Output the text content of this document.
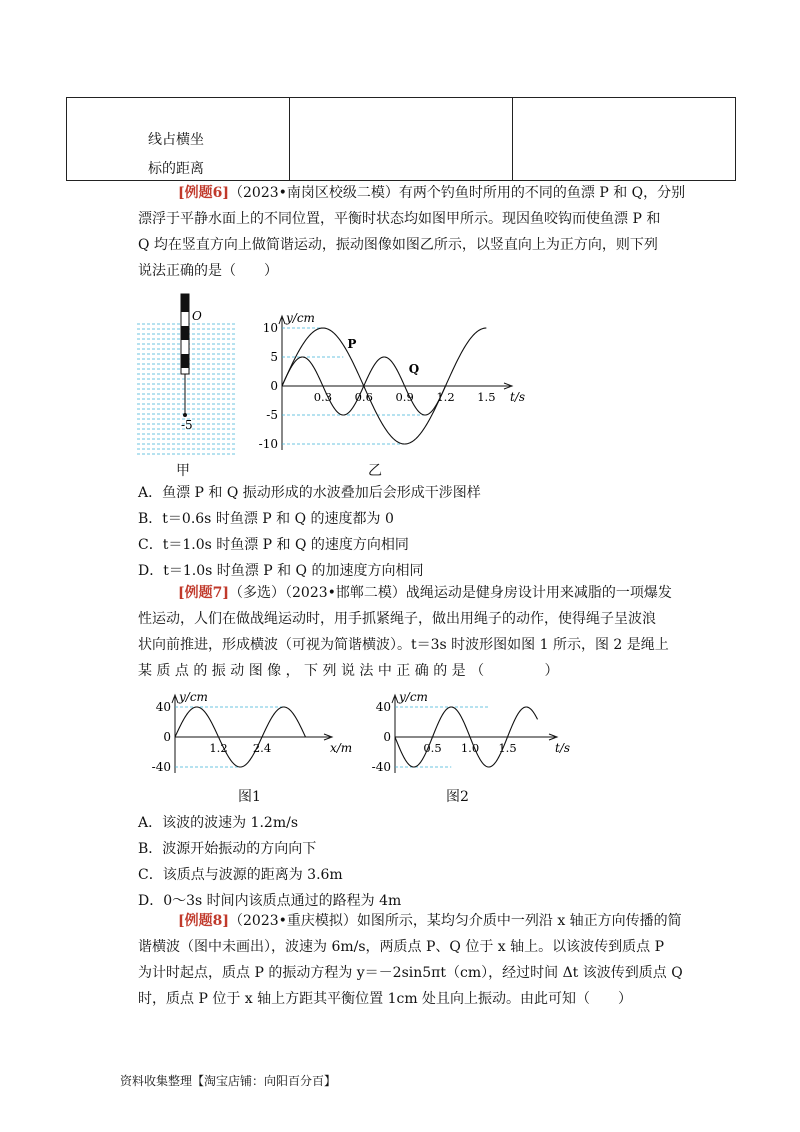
线占横坐
标的距离
[例题6]（2023•南岗区校级二模）有两个钓鱼时所用的不同的鱼漂 P 和 Q，分别
漂浮于平静水面上的不同位置，平衡时状态均如图甲所示。现因鱼咬钩而使鱼漂 P 和
Q 均在竖直方向上做简谐运动，振动图像如图乙所示，以竖直向上为正方向，则下列
说法正确的是（　　）
O
-5
甲
y/cm
t/s
10
5
0
-5
-10
0.3 0.6 0.9 1.2 1.5
P
Q
乙
A．鱼漂 P 和 Q 振动形成的水波叠加后会形成干涉图样
B．t＝0.6s 时鱼漂 P 和 Q 的速度都为 0
C．t＝1.0s 时鱼漂 P 和 Q 的速度方向相同
D．t＝1.0s 时鱼漂 P 和 Q 的加速度方向相同
[例题7]（多选）（2023•邯郸二模）战绳运动是健身房设计用来减脂的一项爆发
性运动，人们在做战绳运动时，用手抓紧绳子，做出用绳子的动作，使得绳子呈波浪
状向前推进，形成横波（可视为简谐横波）。t＝3s 时波形图如图 1 所示，图 2 是绳上
某 质 点 的 振 动 图 像 ， 下 列 说 法 中 正 确 的 是 （　　　　 ）
y/cm
x/m
40
0
-40
1.2 2.4
y/cm
t/s
40
0
-40
0.5 1.0 1.5
图1	图2
A．该波的波速为 1.2m/s
B．波源开始振动的方向向下
C．该质点与波源的距离为 3.6m
D．0～3s 时间内该质点通过的路程为 4m
[例题8]（2023•重庆模拟）如图所示，某均匀介质中一列沿 x 轴正方向传播的简
谐横波（图中未画出），波速为 6m/s，两质点 P、Q 位于 x 轴上。以该波传到质点 P
为计时起点，质点 P 的振动方程为 y＝－2sin5πt（cm），经过时间 Δt 该波传到质点 Q
时，质点 P 位于 x 轴上方距其平衡位置 1cm 处且向上振动。由此可知（　　）
资料收集整理【淘宝店铺：向阳百分百】
